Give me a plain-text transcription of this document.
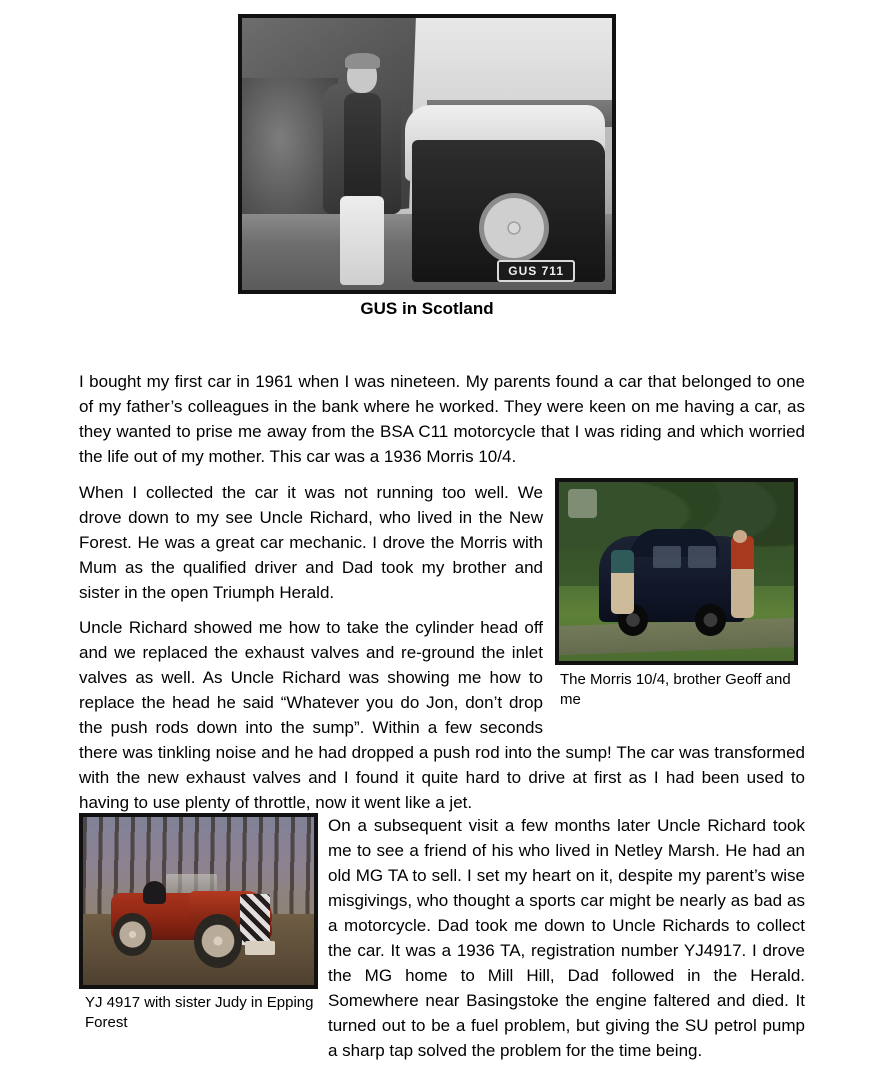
GUS 711
GUS in Scotland
I bought my first car in 1961 when I was nineteen. My parents found a car that belonged to one of my father’s colleagues in the bank where he worked. They were keen on me having a car, as they wanted to prise me away from the BSA C11 motorcycle that I was riding and which worried the life out of my mother. This car was a 1936 Morris 10/4.
The Morris 10/4, brother Geoff and me
When I collected the car it was not running too well. We drove down to my see Uncle Richard, who lived in the New Forest. He was a great car mechanic. I drove the Morris with Mum as the qualified driver and Dad took my brother and sister in the open Triumph Herald.
Uncle Richard showed me how to take the cylinder head off and we replaced the exhaust valves and re-ground the inlet valves as well. As Uncle Richard was showing me how to replace the head he said “Whatever you do Jon, don’t drop the push rods down into the sump”. Within a few seconds there was tinkling noise and he had dropped a push rod into the sump! The car was transformed with the new exhaust valves and I found it quite hard to drive at first as I had been used to having to use plenty of throttle, now it went like a jet.
YJ 4917 with sister Judy in Epping Forest
On a subsequent visit a few months later Uncle Richard took me to see a friend of his who lived in Netley Marsh. He had an old MG TA to sell. I set my heart on it, despite my parent’s wise misgivings, who thought a sports car might be nearly as bad as a motorcycle. Dad took me down to Uncle Richards to collect the car. It was a 1936 TA, registration number YJ4917. I drove the MG home to Mill Hill, Dad followed in the Herald. Somewhere near Basingstoke the engine faltered and died. It turned out to be a fuel problem, but giving the SU petrol pump a sharp tap solved the problem for the time being.
